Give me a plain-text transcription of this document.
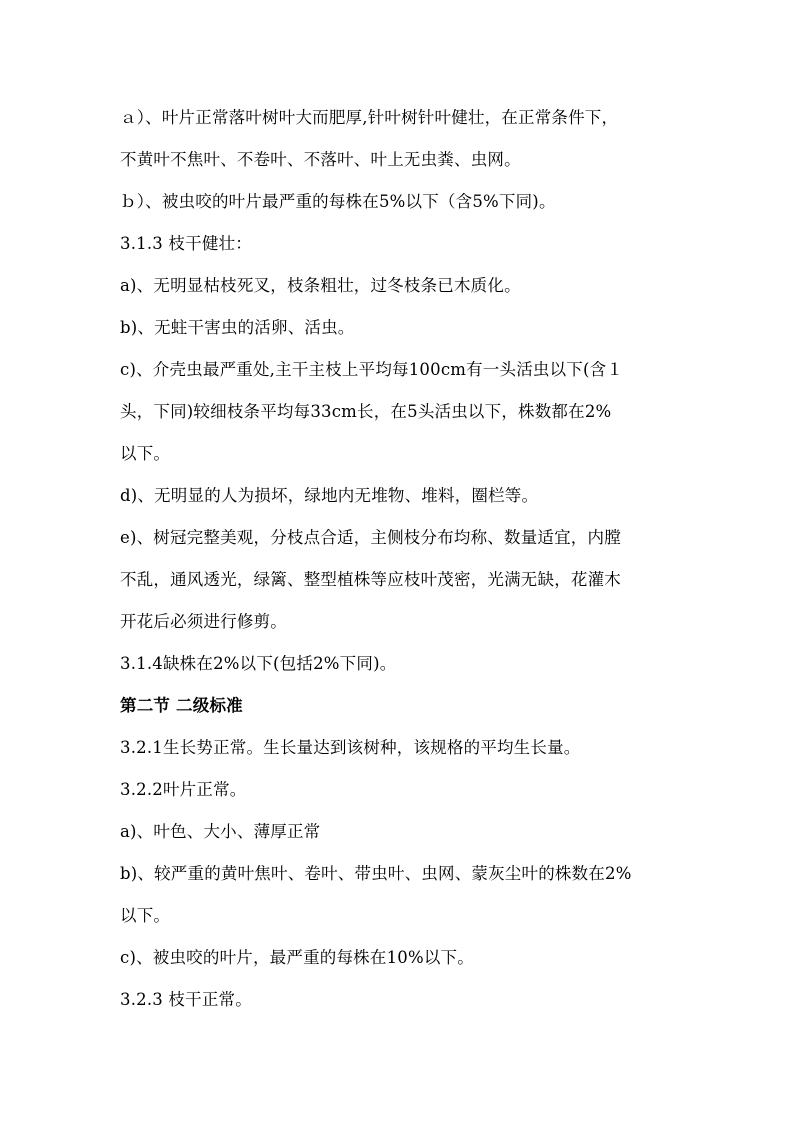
ａ）、叶片正常落叶树叶大而肥厚,针叶树针叶健壮，在正常条件下，
不黄叶不焦叶、不卷叶、不落叶、叶上无虫粪、虫网。
ｂ）、被虫咬的叶片最严重的每株在5%以下（含5%下同)。
3.1.3 枝干健壮：
a)、无明显枯枝死叉，枝条粗壮，过冬枝条已木质化。
b)、无蛀干害虫的活卵、活虫。
c)、介壳虫最严重处,主干主枝上平均每100cm有一头活虫以下(含１
头，下同)较细枝条平均每33cm长，在5头活虫以下，株数都在2%
以下。
d)、无明显的人为损坏，绿地内无堆物、堆料，圈栏等。
e)、树冠完整美观，分枝点合适，主侧枝分布均称、数量适宜，内膛
不乱，通风透光，绿篱、整型植株等应枝叶茂密，光满无缺，花灌木
开花后必须进行修剪。
3.1.4缺株在2%以下(包括2%下同)。
第二节 二级标准
3.2.1生长势正常。生长量达到该树种，该规格的平均生长量。
3.2.2叶片正常。
a)、叶色、大小、薄厚正常
b)、较严重的黄叶焦叶、卷叶、带虫叶、虫网、蒙灰尘叶的株数在2%
以下。
c)、被虫咬的叶片，最严重的每株在10%以下。
3.2.3 枝干正常。
